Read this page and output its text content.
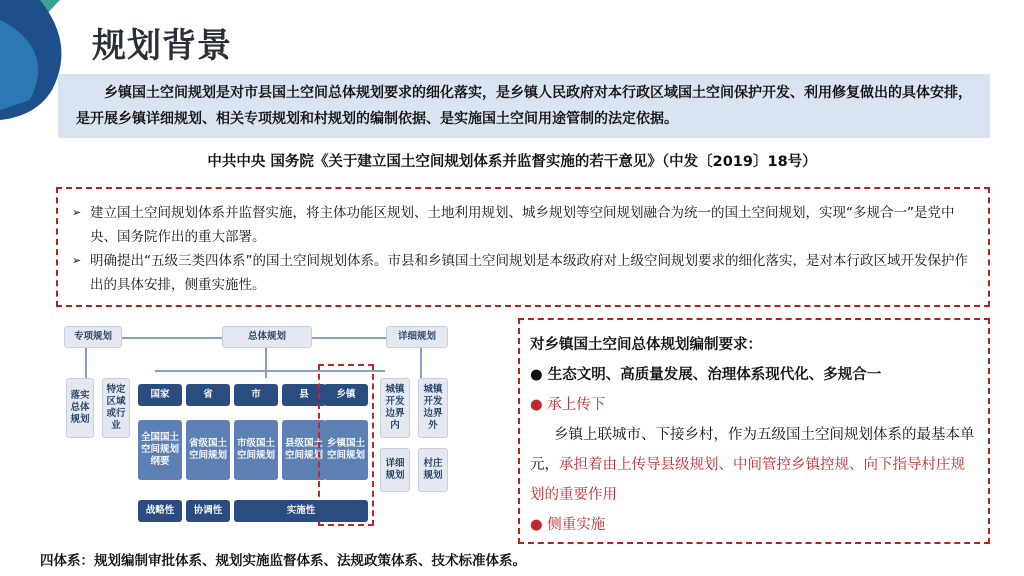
规划背景
乡镇国土空间规划是对市县国土空间总体规划要求的细化落实，是乡镇人民政府对本行政区域国土空间保护开发、利用修复做出的具体安排，是开展乡镇详细规划、相关专项规划和村规划的编制依据、是实施国土空间用途管制的法定依据。
中共中央 国务院《关于建立国土空间规划体系并监督实施的若干意见》（中发〔2019〕18号）
➢ 建立国土空间规划体系并监督实施，将主体功能区规划、土地利用规划、城乡规划等空间规划融合为统一的国土空间规划，实现“多规合一”是党中央、国务院作出的重大部署。
➢ 明确提出“五级三类四体系”的国土空间规划体系。市县和乡镇国土空间规划是本级政府对上级空间规划要求的细化落实，是对本行政区域开发保护作出的具体安排，侧重实施性。
专项规划	总体规划	详细规划
落实总体规划
特定区域或行业
国家	省	市	县	乡镇
全国国土空间规划纲要
省级国土空间规划
市级国土空间规划
县级国土空间规划
乡镇国土空间规划
城镇开发边界内
城镇开发边界外
详细规划
村庄规划
战略性	协调性	实施性
对乡镇国土空间总体规划编制要求：
● 生态文明、高质量发展、治理体系现代化、多规合一
● 承上传下
乡镇上联城市、下接乡村，作为五级国土空间规划体系的最基本单元，承担着由上传导县级规划、中间管控乡镇控规、向下指导村庄规划的重要作用
● 侧重实施
四体系：规划编制审批体系、规划实施监督体系、法规政策体系、技术标准体系。
